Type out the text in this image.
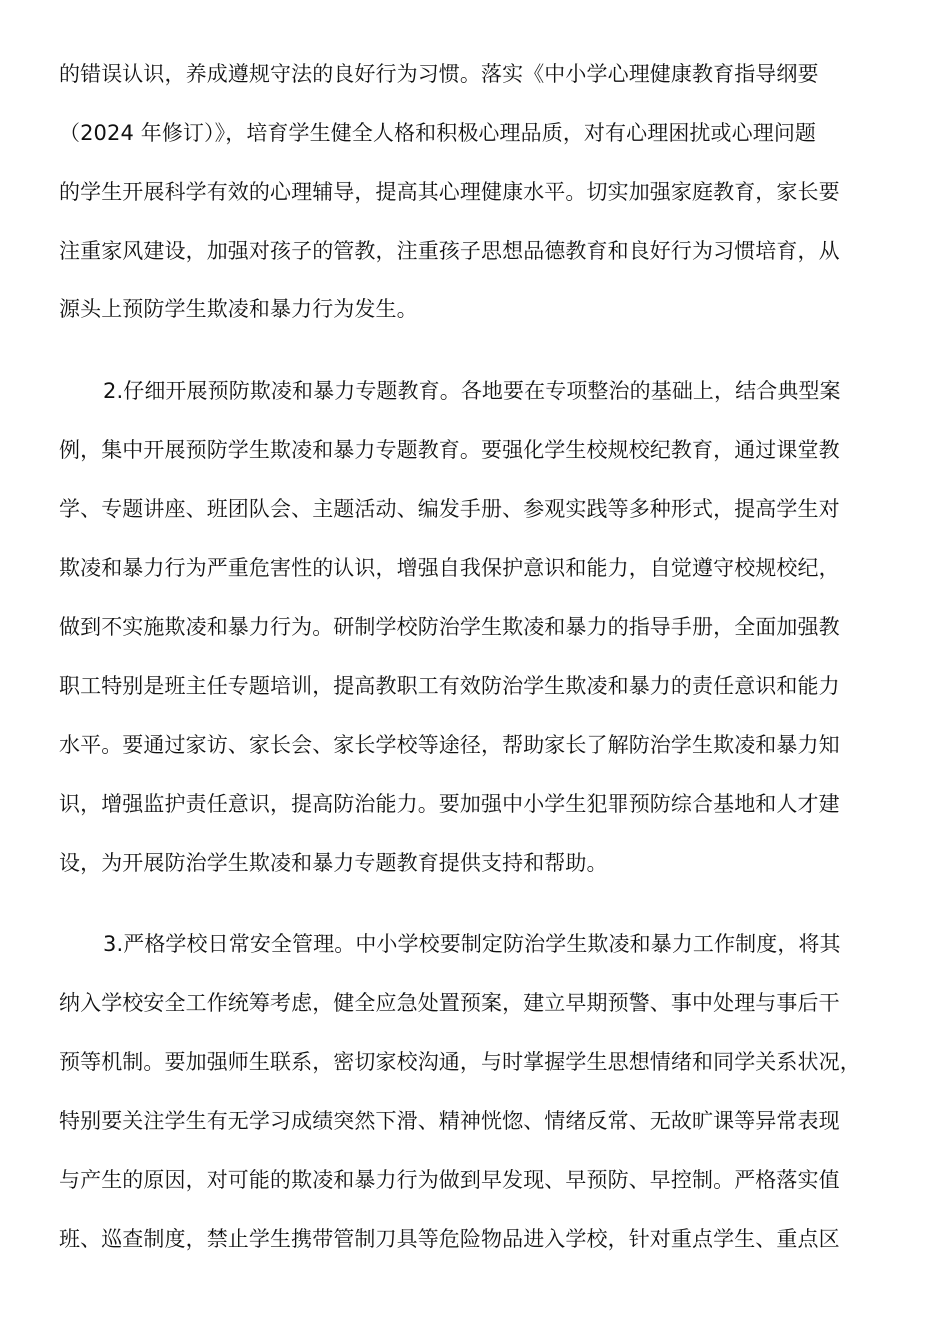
的错误认识，养成遵规守法的良好行为习惯。落实《中小学心理健康教育指导纲要
（2024 年修订）》，培育学生健全人格和积极心理品质，对有心理困扰或心理问题
的学生开展科学有效的心理辅导，提高其心理健康水平。切实加强家庭教育，家长要
注重家风建设，加强对孩子的管教，注重孩子思想品德教育和良好行为习惯培育，从
源头上预防学生欺凌和暴力行为发生。
2.仔细开展预防欺凌和暴力专题教育。各地要在专项整治的基础上，结合典型案
例，集中开展预防学生欺凌和暴力专题教育。要强化学生校规校纪教育，通过课堂教
学、专题讲座、班团队会、主题活动、编发手册、参观实践等多种形式，提高学生对
欺凌和暴力行为严重危害性的认识，增强自我保护意识和能力，自觉遵守校规校纪，
做到不实施欺凌和暴力行为。研制学校防治学生欺凌和暴力的指导手册，全面加强教
职工特别是班主任专题培训，提高教职工有效防治学生欺凌和暴力的责任意识和能力
水平。要通过家访、家长会、家长学校等途径，帮助家长了解防治学生欺凌和暴力知
识，增强监护责任意识，提高防治能力。要加强中小学生犯罪预防综合基地和人才建
设，为开展防治学生欺凌和暴力专题教育提供支持和帮助。
3.严格学校日常安全管理。中小学校要制定防治学生欺凌和暴力工作制度，将其
纳入学校安全工作统筹考虑，健全应急处置预案，建立早期预警、事中处理与事后干
预等机制。要加强师生联系，密切家校沟通，与时掌握学生思想情绪和同学关系状况，
特别要关注学生有无学习成绩突然下滑、精神恍惚、情绪反常、无故旷课等异常表现
与产生的原因，对可能的欺凌和暴力行为做到早发现、早预防、早控制。严格落实值
班、巡查制度，禁止学生携带管制刀具等危险物品进入学校，针对重点学生、重点区
